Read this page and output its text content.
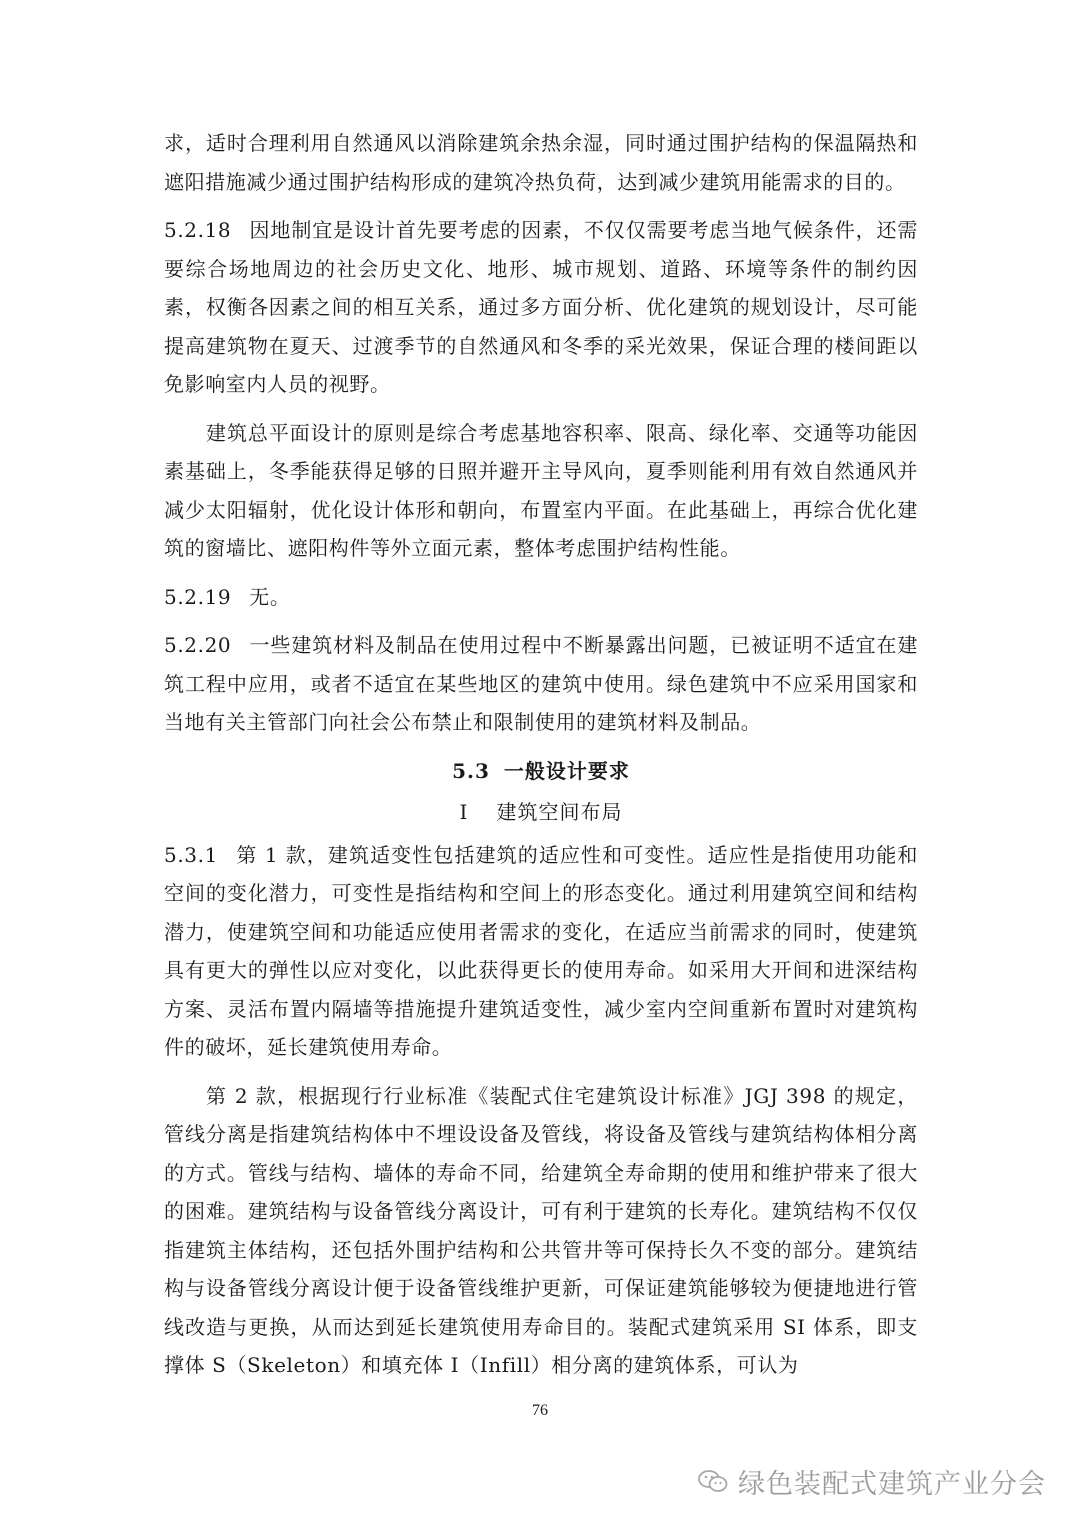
求，适时合理利用自然通风以消除建筑余热余湿，同时通过围护结构的保温隔热和遮阳措施减少通过围护结构形成的建筑冷热负荷，达到减少建筑用能需求的目的。

5.2.18 因地制宜是设计首先要考虑的因素，不仅仅需要考虑当地气候条件，还需要综合场地周边的社会历史文化、地形、城市规划、道路、环境等条件的制约因素，权衡各因素之间的相互关系，通过多方面分析、优化建筑的规划设计，尽可能提高建筑物在夏天、过渡季节的自然通风和冬季的采光效果，保证合理的楼间距以免影响室内人员的视野。

建筑总平面设计的原则是综合考虑基地容积率、限高、绿化率、交通等功能因素基础上，冬季能获得足够的日照并避开主导风向，夏季则能利用有效自然通风并减少太阳辐射，优化设计体形和朝向，布置室内平面。在此基础上，再综合优化建筑的窗墙比、遮阳构件等外立面元素，整体考虑围护结构性能。

5.2.19 无。

5.2.20 一些建筑材料及制品在使用过程中不断暴露出问题，已被证明不适宜在建筑工程中应用，或者不适宜在某些地区的建筑中使用。绿色建筑中不应采用国家和当地有关主管部门向社会公布禁止和限制使用的建筑材料及制品。

5.3 一般设计要求
Ⅰ 建筑空间布局

5.3.1 第 1 款，建筑适变性包括建筑的适应性和可变性。适应性是指使用功能和空间的变化潜力，可变性是指结构和空间上的形态变化。通过利用建筑空间和结构潜力，使建筑空间和功能适应使用者需求的变化，在适应当前需求的同时，使建筑具有更大的弹性以应对变化，以此获得更长的使用寿命。如采用大开间和进深结构方案、灵活布置内隔墙等措施提升建筑适变性，减少室内空间重新布置时对建筑构件的破坏，延长建筑使用寿命。

第 2 款，根据现行行业标准《装配式住宅建筑设计标准》JGJ 398 的规定，管线分离是指建筑结构体中不埋设设备及管线，将设备及管线与建筑结构体相分离的方式。管线与结构、墙体的寿命不同，给建筑全寿命期的使用和维护带来了很大的困难。建筑结构与设备管线分离设计，可有利于建筑的长寿化。建筑结构不仅仅指建筑主体结构，还包括外围护结构和公共管井等可保持长久不变的部分。建筑结构与设备管线分离设计便于设备管线维护更新，可保证建筑能够较为便捷地进行管线改造与更换，从而达到延长建筑使用寿命目的。装配式建筑采用 SI 体系，即支撑体 S（Skeleton）和填充体 I（Infill）相分离的建筑体系，可认为

76
绿色装配式建筑产业分会
